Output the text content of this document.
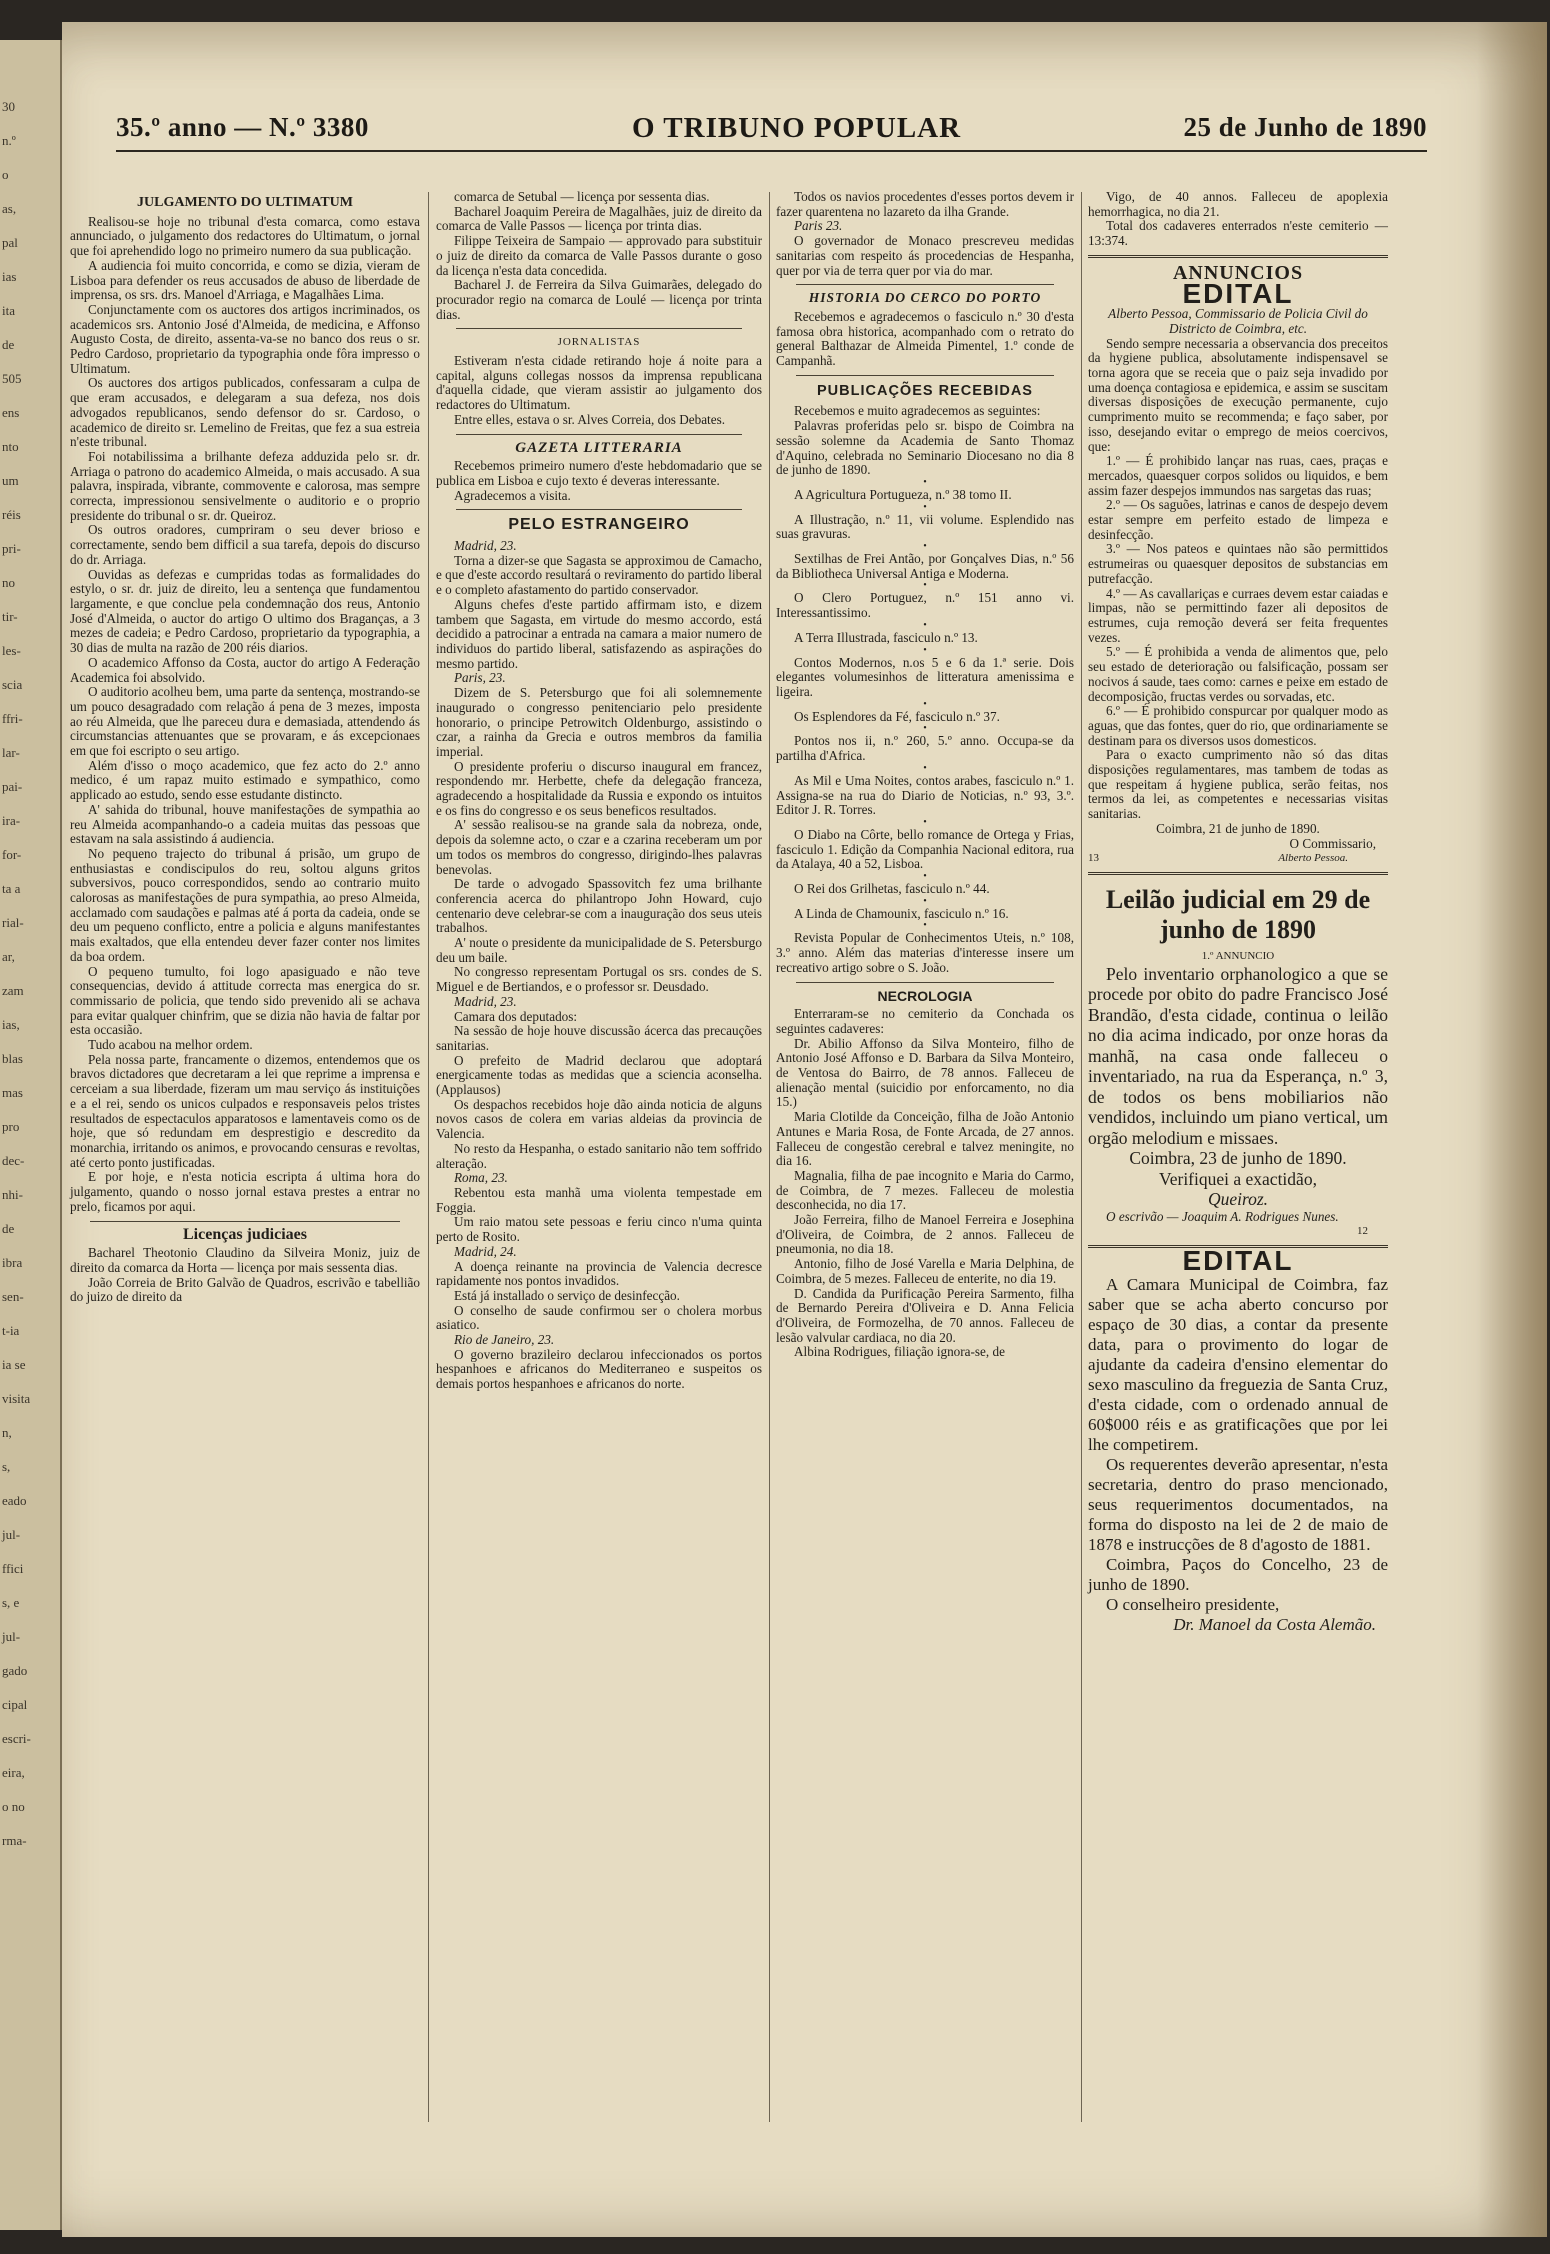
30
n.º
o
as,
pal
ias
ita
de
505
ens
nto
um
réis
pri-
no
tir-
les-
scia
ffri-
lar-
pai-
ira-
for-
ta a
rial-
ar,
zam
ias,
blas
mas
pro
dec-
nhi-
de
ibra
sen-
t-ia
ia se
visita
n,
s,
eado
jul-
ffici
s, e
jul-
gado
cipal
escri-
eira,
o no
rma-
35.º anno — N.º 3380	O TRIBUNO POPULAR	25 de Junho de 1890
JULGAMENTO DO ULTIMATUM

Realisou-se hoje no tribunal d'esta comarca, como estava annunciado, o julgamento dos redactores do Ultimatum, o jornal que foi aprehendido logo no primeiro numero da sua publicação.

A audiencia foi muito concorrida, e como se dizia, vieram de Lisboa para defender os reus accusados de abuso de liberdade de imprensa, os srs. drs. Manoel d'Arriaga, e Magalhães Lima.

Conjunctamente com os auctores dos artigos incriminados, os academicos srs. Antonio José d'Almeida, de medicina, e Affonso Augusto Costa, de direito, assenta-va-se no banco dos reus o sr. Pedro Cardoso, proprietario da typographia onde fôra impresso o Ultimatum.

Os auctores dos artigos publicados, confessaram a culpa de que eram accusados, e delegaram a sua defeza, nos dois advogados republicanos, sendo defensor do sr. Cardoso, o academico de direito sr. Lemelino de Freitas, que fez a sua estreia n'este tribunal.

Foi notabilissima a brilhante defeza adduzida pelo sr. dr. Arriaga o patrono do academico Almeida, o mais accusado. A sua palavra, inspirada, vibrante, commovente e calorosa, mas sempre correcta, impressionou sensivelmente o auditorio e o proprio presidente do tribunal o sr. dr. Queiroz.

Os outros oradores, cumpriram o seu dever brioso e correctamente, sendo bem difficil a sua tarefa, depois do discurso do dr. Arriaga.

Ouvidas as defezas e cumpridas todas as formalidades do estylo, o sr. dr. juiz de direito, leu a sentença que fundamentou largamente, e que conclue pela condemnação dos reus, Antonio José d'Almeida, o auctor do artigo O ultimo dos Braganças, a 3 mezes de cadeia; e Pedro Cardoso, proprietario da typographia, a 30 dias de multa na razão de 200 réis diarios.

O academico Affonso da Costa, auctor do artigo A Federação Academica foi absolvido.

O auditorio acolheu bem, uma parte da sentença, mostrando-se um pouco desagradado com relação á pena de 3 mezes, imposta ao réu Almeida, que lhe pareceu dura e demasiada, attendendo ás circumstancias attenuantes que se provaram, e ás excepcionaes em que foi escripto o seu artigo.

Além d'isso o moço academico, que fez acto do 2.º anno medico, é um rapaz muito estimado e sympathico, como applicado ao estudo, sendo esse estudante distincto.

A' sahida do tribunal, houve manifestações de sympathia ao reu Almeida acompanhando-o a cadeia muitas das pessoas que estavam na sala assistindo á audiencia.

No pequeno trajecto do tribunal á prisão, um grupo de enthusiastas e condiscipulos do reu, soltou alguns gritos subversivos, pouco correspondidos, sendo ao contrario muito calorosas as manifestações de pura sympathia, ao preso Almeida, acclamado com saudações e palmas até á porta da cadeia, onde se deu um pequeno conflicto, entre a policia e alguns manifestantes mais exaltados, que ella entendeu dever fazer conter nos limites da boa ordem.

O pequeno tumulto, foi logo apasiguado e não teve consequencias, devido á attitude correcta mas energica do sr. commissario de policia, que tendo sido prevenido ali se achava para evitar qualquer chinfrim, que se dizia não havia de faltar por esta occasião.

Tudo acabou na melhor ordem.

Pela nossa parte, francamente o dizemos, entendemos que os bravos dictadores que decretaram a lei que reprime a imprensa e cerceiam a sua liberdade, fizeram um mau serviço ás instituições e a el rei, sendo os unicos culpados e responsaveis pelos tristes resultados de espectaculos apparatosos e lamentaveis como os de hoje, que só redundam em desprestigio e descredito da monarchia, irritando os animos, e provocando censuras e revoltas, até certo ponto justificadas.

E por hoje, e n'esta noticia escripta á ultima hora do julgamento, quando o nosso jornal estava prestes a entrar no prelo, ficamos por aqui.

Licenças judiciaes

Bacharel Theotonio Claudino da Silveira Moniz, juiz de direito da comarca da Horta — licença por mais sessenta dias.

João Correia de Brito Galvão de Quadros, escrivão e tabellião do juizo de direito da

comarca de Setubal — licença por sessenta dias.

Bacharel Joaquim Pereira de Magalhães, juiz de direito da comarca de Valle Passos — licença por trinta dias.

Filippe Teixeira de Sampaio — approvado para substituir o juiz de direito da comarca de Valle Passos durante o goso da licença n'esta data concedida.

Bacharel J. de Ferreira da Silva Guimarães, delegado do procurador regio na comarca de Loulé — licença por trinta dias.

JORNALISTAS

Estiveram n'esta cidade retirando hoje á noite para a capital, alguns collegas nossos da imprensa republicana d'aquella cidade, que vieram assistir ao julgamento dos redactores do Ultimatum.

Entre elles, estava o sr. Alves Correia, dos Debates.

GAZETA LITTERARIA

Recebemos primeiro numero d'este hebdomadario que se publica em Lisboa e cujo texto é deveras interessante.

Agradecemos a visita.

PELO ESTRANGEIRO

Madrid, 23.

Torna a dizer-se que Sagasta se approximou de Camacho, e que d'este accordo resultará o reviramento do partido liberal e o completo afastamento do partido conservador.

Alguns chefes d'este partido affirmam isto, e dizem tambem que Sagasta, em virtude do mesmo accordo, está decidido a patrocinar a entrada na camara a maior numero de individuos do partido liberal, satisfazendo as aspirações do mesmo partido.

Paris, 23.

Dizem de S. Petersburgo que foi ali solemnemente inaugurado o congresso penitenciario pelo presidente honorario, o principe Petrowitch Oldenburgo, assistindo o czar, a rainha da Grecia e outros membros da familia imperial.

O presidente proferiu o discurso inaugural em francez, respondendo mr. Herbette, chefe da delegação franceza, agradecendo a hospitalidade da Russia e expondo os intuitos e os fins do congresso e os seus beneficos resultados.

A' sessão realisou-se na grande sala da nobreza, onde, depois da solemne acto, o czar e a czarina receberam um por um todos os membros do congresso, dirigindo-lhes palavras benevolas.

De tarde o advogado Spassovitch fez uma brilhante conferencia acerca do philantropo John Howard, cujo centenario deve celebrar-se com a inauguração dos seus uteis trabalhos.

A' noute o presidente da municipalidade de S. Petersburgo deu um baile.

No congresso representam Portugal os srs. condes de S. Miguel e de Bertiandos, e o professor sr. Deusdado.

Madrid, 23.

Camara dos deputados:

Na sessão de hoje houve discussão ácerca das precauções sanitarias.

O prefeito de Madrid declarou que adoptará energicamente todas as medidas que a sciencia aconselha. (Applausos)

Os despachos recebidos hoje dão ainda noticia de alguns novos casos de colera em varias aldeias da provincia de Valencia.

No resto da Hespanha, o estado sanitario não tem soffrido alteração.

Roma, 23.

Rebentou esta manhã uma violenta tempestade em Foggia.

Um raio matou sete pessoas e feriu cinco n'uma quinta perto de Rosito.

Madrid, 24.

A doença reinante na provincia de Valencia decresce rapidamente nos pontos invadidos.

Está já installado o serviço de desinfecção.

O conselho de saude confirmou ser o cholera morbus asiatico.

Rio de Janeiro, 23.

O governo brazileiro declarou infeccionados os portos hespanhoes e africanos do Mediterraneo e suspeitos os demais portos hespanhoes e africanos do norte.

Todos os navios procedentes d'esses portos devem ir fazer quarentena no lazareto da ilha Grande.

Paris 23.

O governador de Monaco prescreveu medidas sanitarias com respeito ás procedencias de Hespanha, quer por via de terra quer por via do mar.

HISTORIA DO CERCO DO PORTO

Recebemos e agradecemos o fasciculo n.º 30 d'esta famosa obra historica, acompanhado com o retrato do general Balthazar de Almeida Pimentel, 1.º conde de Campanhã.

PUBLICAÇÕES RECEBIDAS

Recebemos e muito agradecemos as seguintes:

Palavras proferidas pelo sr. bispo de Coimbra na sessão solemne da Academia de Santo Thomaz d'Aquino, celebrada no Seminario Diocesano no dia 8 de junho de 1890.

•

A Agricultura Portugueza, n.º 38 tomo II.

•

A Illustração, n.º 11, vii volume. Esplendido nas suas gravuras.

•

Sextilhas de Frei Antão, por Gonçalves Dias, n.º 56 da Bibliotheca Universal Antiga e Moderna.

•

O Clero Portuguez, n.º 151 anno vi. Interessantissimo.

•

A Terra Illustrada, fasciculo n.º 13.

•

Contos Modernos, n.os 5 e 6 da 1.ª serie. Dois elegantes volumesinhos de litteratura amenissima e ligeira.

•

Os Esplendores da Fé, fasciculo n.º 37.

•

Pontos nos ii, n.º 260, 5.º anno. Occupa-se da partilha d'Africa.

•

As Mil e Uma Noites, contos arabes, fasciculo n.º 1. Assigna-se na rua do Diario de Noticias, n.º 93, 3.º. Editor J. R. Torres.

•

O Diabo na Côrte, bello romance de Ortega y Frias, fasciculo 1. Edição da Companhia Nacional editora, rua da Atalaya, 40 a 52, Lisboa.

•

O Rei dos Grilhetas, fasciculo n.º 44.

•

A Linda de Chamounix, fasciculo n.º 16.

•

Revista Popular de Conhecimentos Uteis, n.º 108, 3.º anno. Além das materias d'interesse insere um recreativo artigo sobre o S. João.

NECROLOGIA

Enterraram-se no cemiterio da Conchada os seguintes cadaveres:

Dr. Abilio Affonso da Silva Monteiro, filho de Antonio José Affonso e D. Barbara da Silva Monteiro, de Ventosa do Bairro, de 78 annos. Falleceu de alienação mental (suicidio por enforcamento, no dia 15.)

Maria Clotilde da Conceição, filha de João Antonio Antunes e Maria Rosa, de Fonte Arcada, de 27 annos. Falleceu de congestão cerebral e talvez meningite, no dia 16.

Magnalia, filha de pae incognito e Maria do Carmo, de Coimbra, de 7 mezes. Falleceu de molestia desconhecida, no dia 17.

João Ferreira, filho de Manoel Ferreira e Josephina d'Oliveira, de Coimbra, de 2 annos. Falleceu de pneumonia, no dia 18.

Antonio, filho de José Varella e Maria Delphina, de Coimbra, de 5 mezes. Falleceu de enterite, no dia 19.

D. Candida da Purificação Pereira Sarmento, filha de Bernardo Pereira d'Oliveira e D. Anna Felicia d'Oliveira, de Formozelha, de 70 annos. Falleceu de lesão valvular cardiaca, no dia 20.

Albina Rodrigues, filiação ignora-se, de

Vigo, de 40 annos. Falleceu de apoplexia hemorrhagica, no dia 21.

Total dos cadaveres enterrados n'este cemiterio — 13:374.

ANNUNCIOS
EDITAL

Alberto Pessoa, Commissario de Policia Civil do Districto de Coimbra, etc.

Sendo sempre necessaria a observancia dos preceitos da hygiene publica, absolutamente indispensavel se torna agora que se receia que o paiz seja invadido por uma doença contagiosa e epidemica, e assim se suscitam diversas disposições de execução permanente, cujo cumprimento muito se recommenda; e faço saber, por isso, desejando evitar o emprego de meios coercivos, que:

1.º — É prohibido lançar nas ruas, caes, praças e mercados, quaesquer corpos solidos ou liquidos, e bem assim fazer despejos immundos nas sargetas das ruas;

2.º — Os saguões, latrinas e canos de despejo devem estar sempre em perfeito estado de limpeza e desinfecção.

3.º — Nos pateos e quintaes não são permittidos estrumeiras ou quaesquer depositos de substancias em putrefacção.

4.º — As cavallariças e curraes devem estar caiadas e limpas, não se permittindo fazer ali depositos de estrumes, cuja remoção deverá ser feita frequentes vezes.

5.º — É prohibida a venda de alimentos que, pelo seu estado de deterioração ou falsificação, possam ser nocivos á saude, taes como: carnes e peixe em estado de decomposição, fructas verdes ou sorvadas, etc.

6.º — É prohibido conspurcar por qualquer modo as aguas, que das fontes, quer do rio, que ordinariamente se destinam para os diversos usos domesticos.

Para o exacto cumprimento não só das ditas disposições regulamentares, mas tambem de todas as que respeitam á hygiene publica, serão feitas, nos termos da lei, as competentes e necessarias visitas sanitarias.

Coimbra, 21 de junho de 1890.

O Commissario,

13	Alberto Pessoa.
Leilão judicial em 29 de junho de 1890
1.º ANNUNCIO

Pelo inventario orphanologico a que se procede por obito do padre Francisco José Brandão, d'esta cidade, continua o leilão no dia acima indicado, por onze horas da manhã, na casa onde falleceu o inventariado, na rua da Esperança, n.º 3, de todos os bens mobiliarios não vendidos, incluindo um piano vertical, um orgão melodium e missaes.

Coimbra, 23 de junho de 1890.

Verifiquei a exactidão,

Queiroz.

O escrivão — Joaquim A. Rodrigues Nunes.

12
EDITAL

A Camara Municipal de Coimbra, faz saber que se acha aberto concurso por espaço de 30 dias, a contar da presente data, para o provimento do logar de ajudante da cadeira d'ensino elementar do sexo masculino da freguezia de Santa Cruz, d'esta cidade, com o ordenado annual de 60$000 réis e as gratificações que por lei lhe competirem.

Os requerentes deverão apresentar, n'esta secretaria, dentro do praso mencionado, seus requerimentos documentados, na forma do disposto na lei de 2 de maio de 1878 e instrucções de 8 d'agosto de 1881.

Coimbra, Paços do Concelho, 23 de junho de 1890.

O conselheiro presidente,

Dr. Manoel da Costa Alemão.
